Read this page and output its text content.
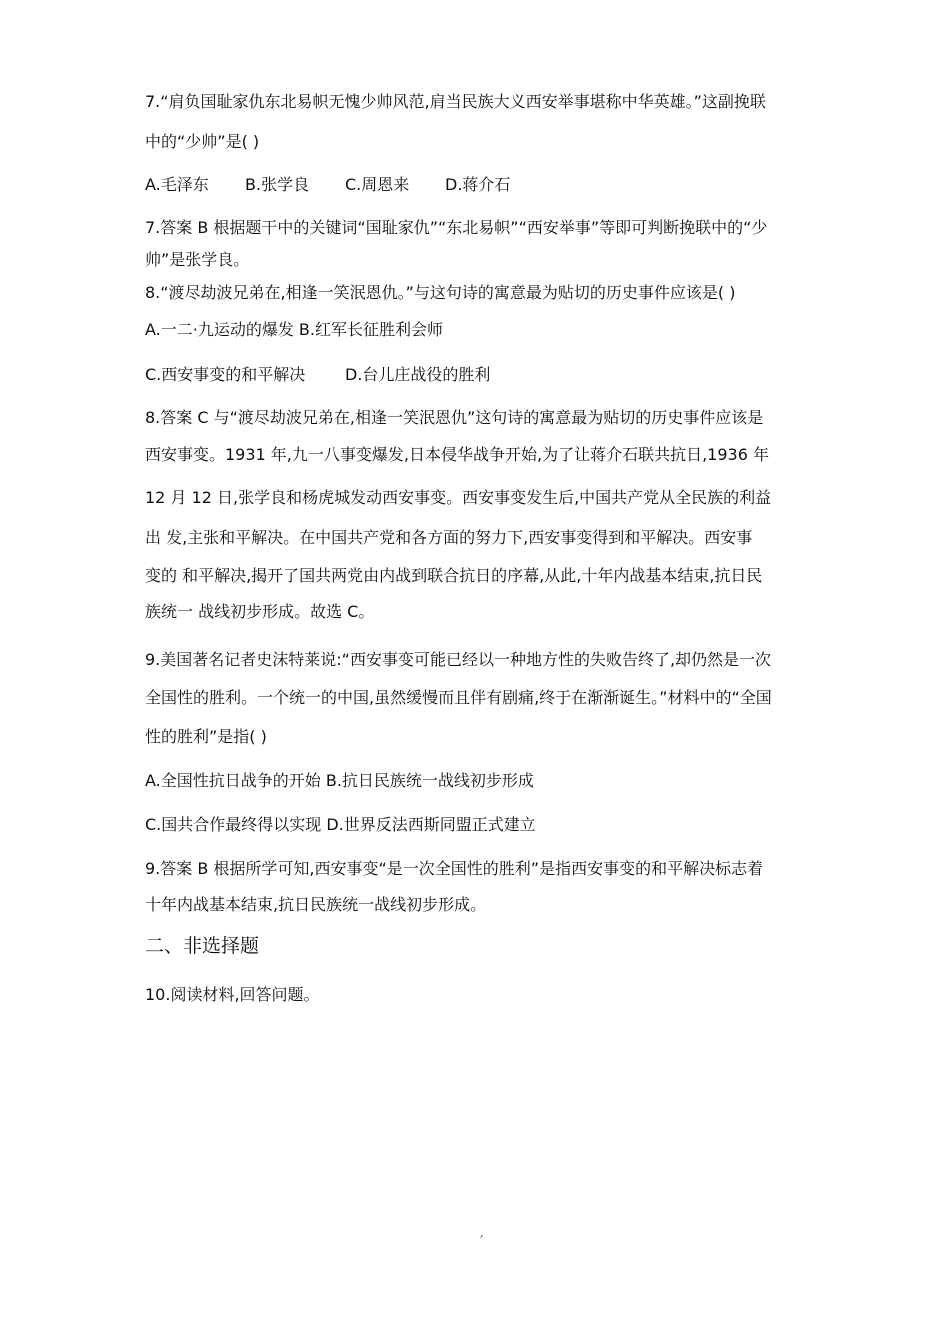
7.“肩负国耻家仇东北易帜无愧少帅风范,肩当民族大义西安举事堪称中华英雄。”这副挽联
中的“少帅”是( )
A.毛泽东 B.张学良 C.周恩来 D.蒋介石
7.答案 B 根据题干中的关键词“国耻家仇”“东北易帜”“西安举事”等即可判断挽联中的“少
帅”是张学良。
8.“渡尽劫波兄弟在,相逢一笑泯恩仇。”与这句诗的寓意最为贴切的历史事件应该是( )
A.一二·九运动的爆发 B.红军长征胜利会师
C.西安事变的和平解决 D.台儿庄战役的胜利
8.答案 C 与“渡尽劫波兄弟在,相逢一笑泯恩仇”这句诗的寓意最为贴切的历史事件应该是
西安事变。1931 年,九一八事变爆发,日本侵华战争开始,为了让蒋介石联共抗日,1936 年
12 月 12 日,张学良和杨虎城发动西安事变。西安事变发生后,中国共产党从全民族的利益
出 发,主张和平解决。在中国共产党和各方面的努力下,西安事变得到和平解决。西安事
变的 和平解决,揭开了国共两党由内战到联合抗日的序幕,从此,十年内战基本结束,抗日民
族统一 战线初步形成。故选 C。
9.美国著名记者史沫特莱说:“西安事变可能已经以一种地方性的失败告终了,却仍然是一次
全国性的胜利。一个统一的中国,虽然缓慢而且伴有剧痛,终于在渐渐诞生。”材料中的“全国
性的胜利”是指( )
A.全国性抗日战争的开始 B.抗日民族统一战线初步形成
C.国共合作最终得以实现 D.世界反法西斯同盟正式建立
9.答案 B 根据所学可知,西安事变“是一次全国性的胜利”是指西安事变的和平解决标志着
十年内战基本结束,抗日民族统一战线初步形成。
二、非选择题
10.阅读材料,回答问题。
´
